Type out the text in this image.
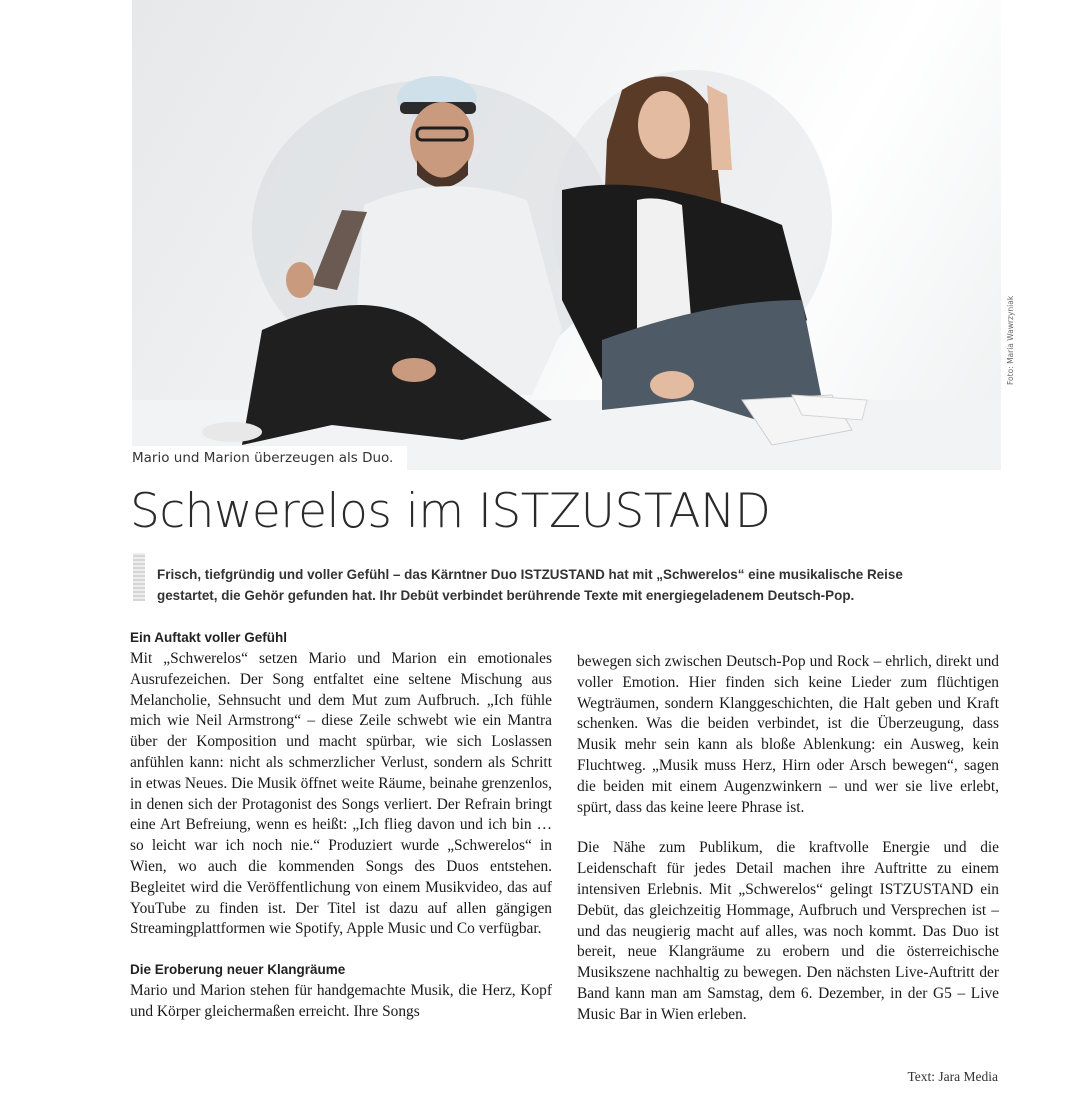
Mario und Marion überzeugen als Duo.
Foto: Maria Wawrzyniak
Schwerelos im ISTZUSTAND

Frisch, tiefgründig und voller Gefühl – das Kärntner Duo ISTZUSTAND hat mit „Schwerelos“ eine musikalische Reise gestartet, die Gehör gefunden hat. Ihr Debüt verbindet berührende Texte mit energiegeladenem Deutsch-Pop.

Ein Auftakt voller Gefühl

Mit „Schwerelos“ setzen Mario und Marion ein emotionales Ausrufezeichen. Der Song entfaltet eine seltene Mischung aus Melancholie, Sehnsucht und dem Mut zum Aufbruch. „Ich fühle mich wie Neil Armstrong“ – diese Zeile schwebt wie ein Mantra über der Komposition und macht spürbar, wie sich Loslassen anfühlen kann: nicht als schmerzlicher Verlust, sondern als Schritt in etwas Neues. Die Musik öffnet weite Räume, beinahe grenzenlos, in denen sich der Protagonist des Songs verliert. Der Refrain bringt eine Art Befreiung, wenn es heißt: „Ich flieg davon und ich bin … so leicht war ich noch nie.“ Produziert wurde „Schwerelos“ in Wien, wo auch die kommenden Songs des Duos entstehen. Begleitet wird die Veröffentlichung von einem Musikvideo, das auf YouTube zu finden ist. Der Titel ist dazu auf allen gängigen Streamingplattformen wie Spotify, Apple Music und Co verfügbar.

Die Eroberung neuer Klangräume

Mario und Marion stehen für handgemachte Musik, die Herz, Kopf und Körper gleichermaßen erreicht. Ihre Songs

bewegen sich zwischen Deutsch-Pop und Rock – ehrlich, direkt und voller Emotion. Hier finden sich keine Lieder zum flüchtigen Wegträumen, sondern Klanggeschichten, die Halt geben und Kraft schenken. Was die beiden verbindet, ist die Überzeugung, dass Musik mehr sein kann als bloße Ablenkung: ein Ausweg, kein Fluchtweg. „Musik muss Herz, Hirn oder Arsch bewegen“, sagen die beiden mit einem Augenzwinkern – und wer sie live erlebt, spürt, dass das keine leere Phrase ist.

Die Nähe zum Publikum, die kraftvolle Energie und die Leidenschaft für jedes Detail machen ihre Auftritte zu einem intensiven Erlebnis. Mit „Schwerelos“ gelingt ISTZUSTAND ein Debüt, das gleichzeitig Hommage, Aufbruch und Versprechen ist – und das neugierig macht auf alles, was noch kommt. Das Duo ist bereit, neue Klangräume zu erobern und die österreichische Musikszene nachhaltig zu bewegen. Den nächsten Live-Auftritt der Band kann man am Samstag, dem 6. Dezember, in der G5 – Live Music Bar in Wien erleben.

Text: Jara Media
